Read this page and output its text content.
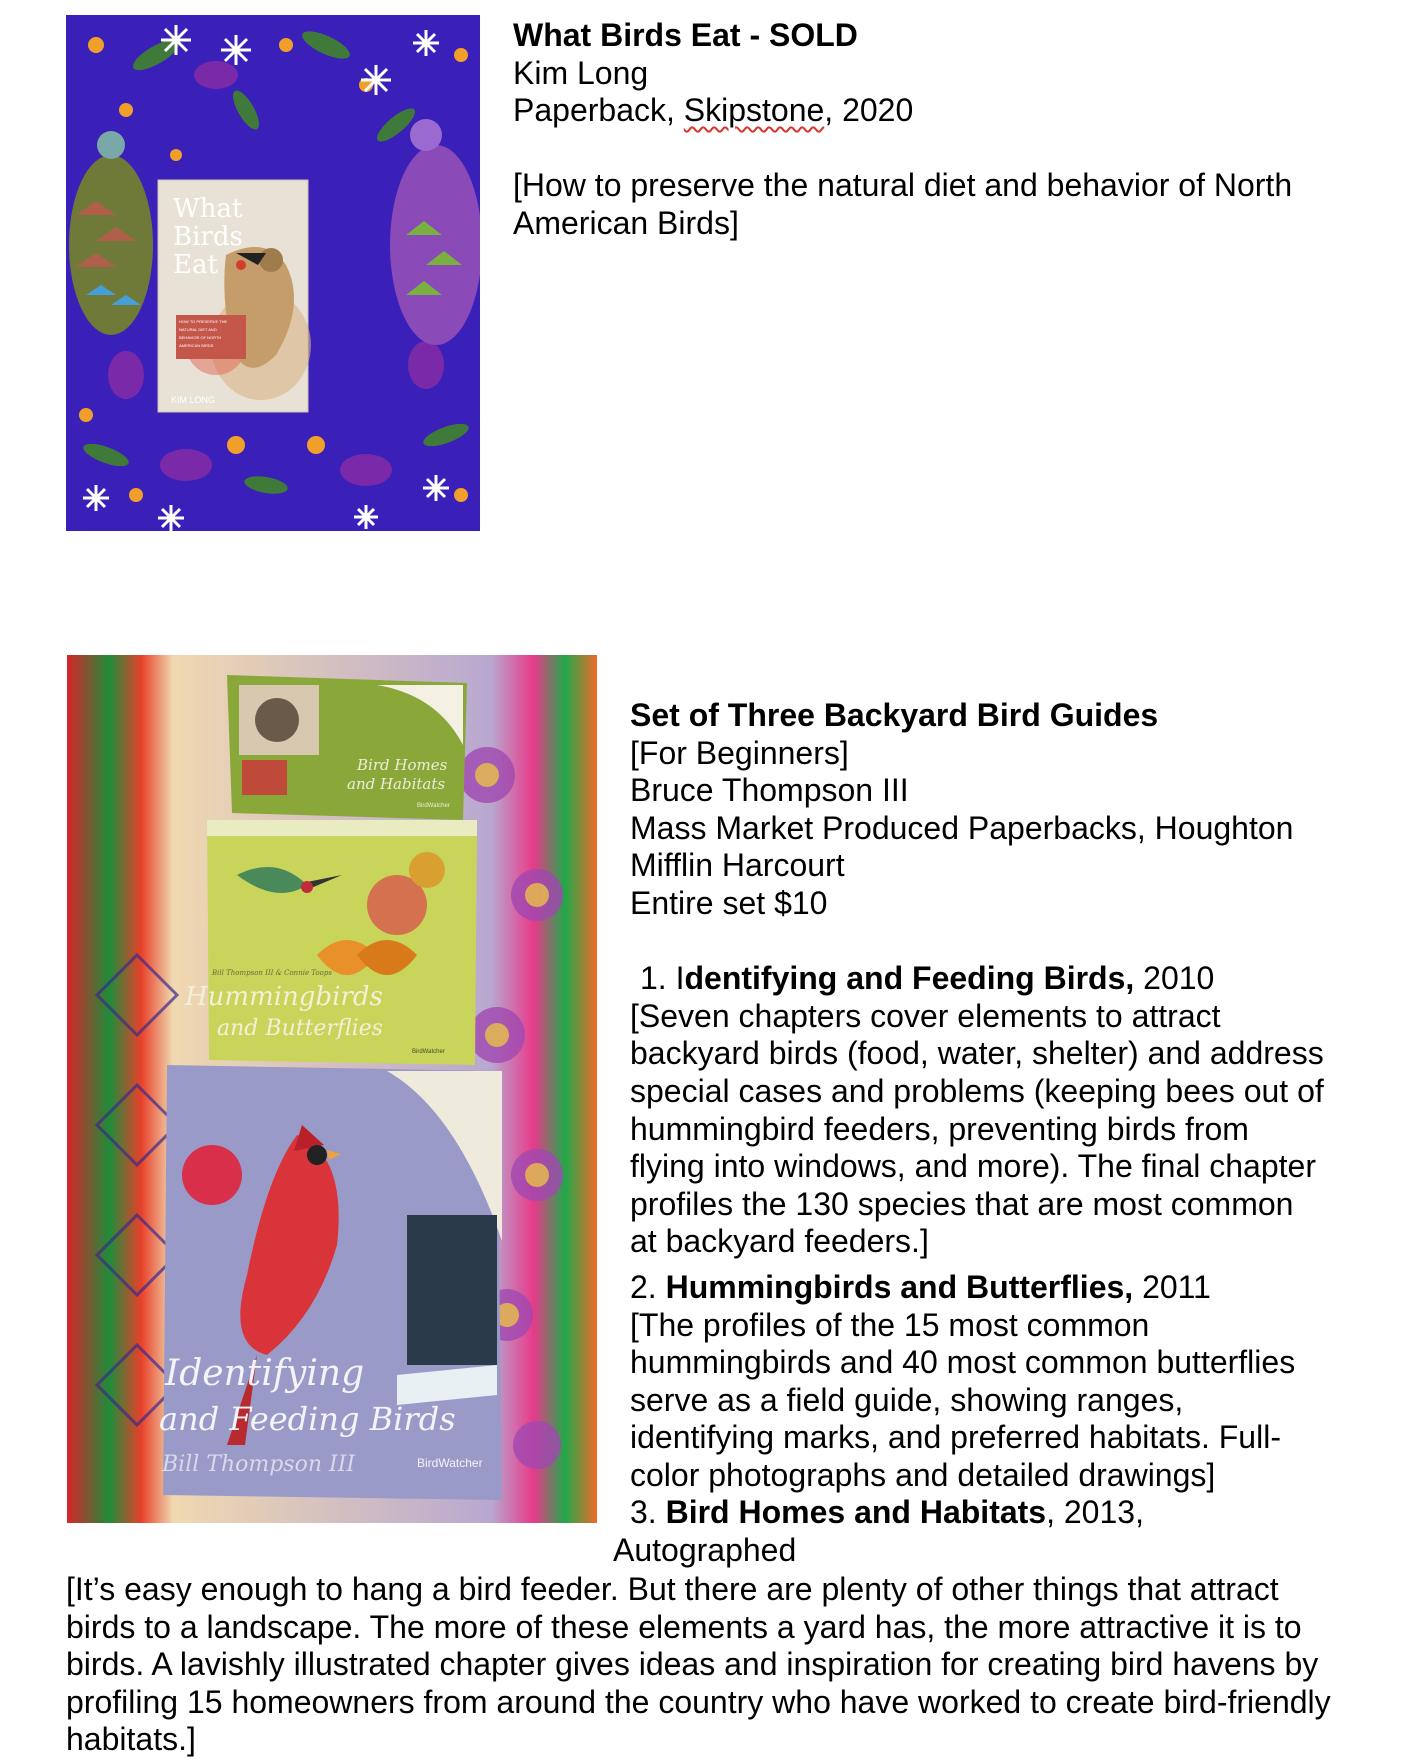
What
Birds
Eat
HOW TO PRESERVE THE
NATURAL DIET AND
BEHAVIOR OF NORTH
AMERICAN BIRDS
KIM LONG
What Birds Eat - SOLD
Kim Long
Paperback, Skipstone, 2020
[How to preserve the natural diet and behavior of North
American Birds]
Bird Homes
and Habitats
BirdWatcher
Bill Thompson III & Connie Toops
Hummingbirds
and Butterflies
BirdWatcher
Identifying
and Feeding Birds
Bill Thompson III	BirdWatcher
Set of Three Backyard Bird Guides
[For Beginners]
Bruce Thompson III
Mass Market Produced Paperbacks, Houghton
Mifflin Harcourt
Entire set $10
1. Identifying and Feeding Birds, 2010
[Seven chapters cover elements to attract
backyard birds (food, water, shelter) and address
special cases and problems (keeping bees out of
hummingbird feeders, preventing birds from
flying into windows, and more). The final chapter
profiles the 130 species that are most common
at backyard feeders.]
2. Hummingbirds and Butterflies, 2011
[The profiles of the 15 most common
hummingbirds and 40 most common butterflies
serve as a field guide, showing ranges,
identifying marks, and preferred habitats. Full-
color photographs and detailed drawings]
3. Bird Homes and Habitats, 2013,
Autographed
[It’s easy enough to hang a bird feeder. But there are plenty of other things that attract birds to a landscape. The more of these elements a yard has, the more attractive it is to birds. A lavishly illustrated chapter gives ideas and inspiration for creating bird havens by profiling 15 homeowners from around the country who have worked to create bird-friendly habitats.]
